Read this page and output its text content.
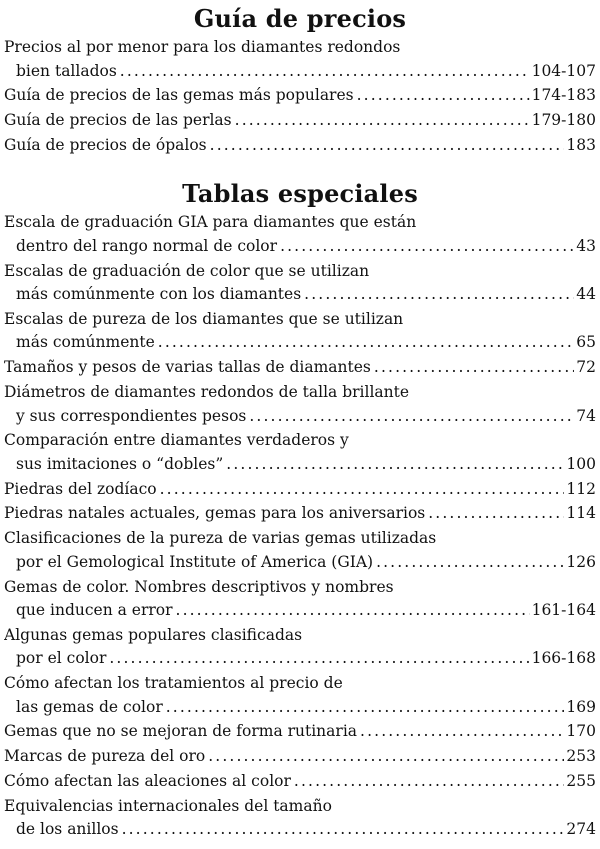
Guía de precios
Precios al por menor para los diamantes redondos
bien tallados . . .	104-107
Guía de precios de las gemas más populares . . .	174-183
Guía de precios de las perlas . . .	179-180
Guía de precios de ópalos . . .	183
Tablas especiales
Escala de graduación GIA para diamantes que están
dentro del rango normal de color . . .	43
Escalas de graduación de color que se utilizan
más comúnmente con los diamantes . . .	44
Escalas de pureza de los diamantes que se utilizan
más comúnmente . . .	65
Tamaños y pesos de varias tallas de diamantes . . .	72
Diámetros de diamantes redondos de talla brillante
y sus correspondientes pesos . . .	74
Comparación entre diamantes verdaderos y
sus imitaciones o “dobles” . . .	100
Piedras del zodíaco . . .	112
Piedras natales actuales, gemas para los aniversarios . . .	114
Clasificaciones de la pureza de varias gemas utilizadas
por el Gemological Institute of America (GIA) . . .	126
Gemas de color. Nombres descriptivos y nombres
que inducen a error . . .	161-164
Algunas gemas populares clasificadas
por el color . . .	166-168
Cómo afectan los tratamientos al precio de
las gemas de color . . .	169
Gemas que no se mejoran de forma rutinaria . . .	170
Marcas de pureza del oro . . .	253
Cómo afectan las aleaciones al color . . .	255
Equivalencias internacionales del tamaño
de los anillos . . .	274
